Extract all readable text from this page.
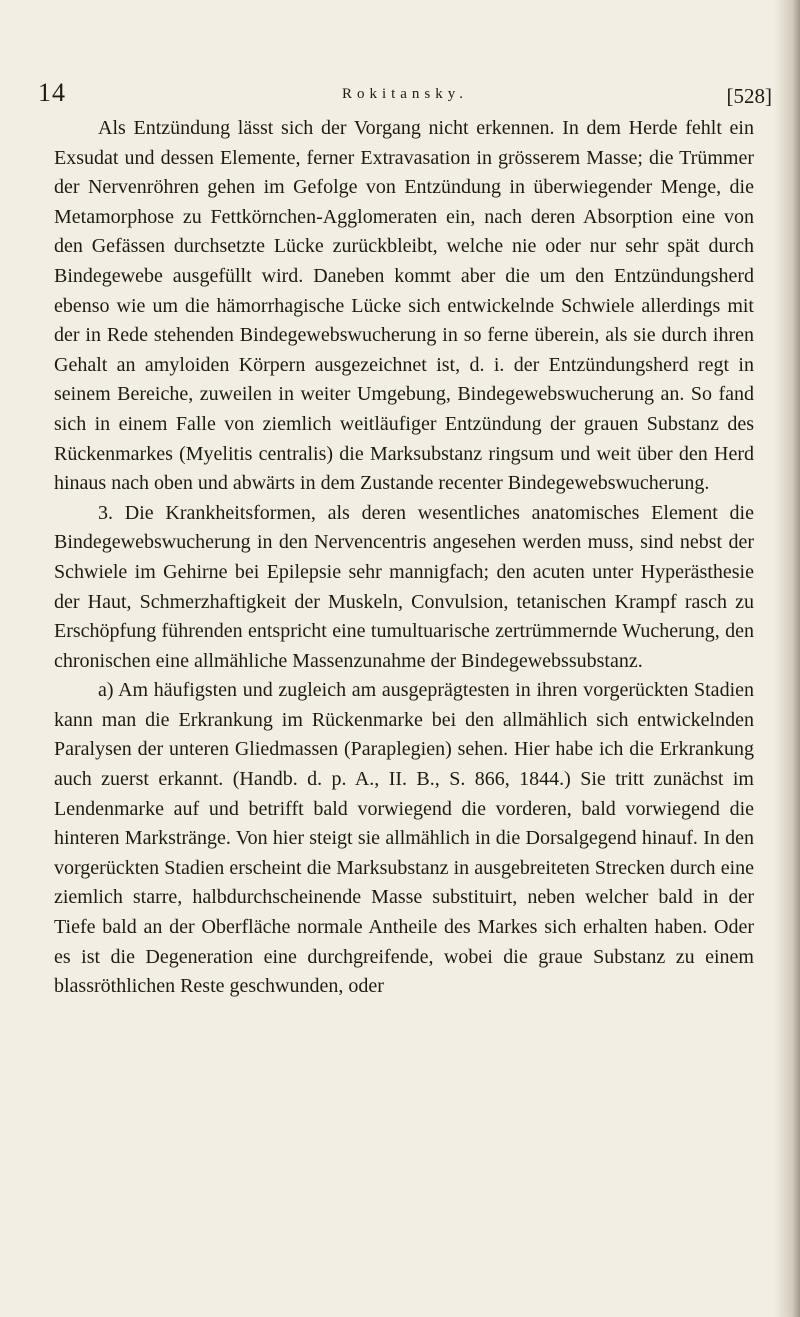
14	Rokitansky.	[528]

Als Entzündung lässt sich der Vorgang nicht erkennen. In dem Herde fehlt ein Exsudat und dessen Elemente, ferner Extravasation in grösserem Masse; die Trümmer der Nervenröhren gehen im Gefolge von Entzündung in überwiegender Menge, die Metamorphose zu Fettkörnchen-Agglomeraten ein, nach deren Absorption eine von den Gefässen durchsetzte Lücke zurückbleibt, welche nie oder nur sehr spät durch Bindegewebe ausgefüllt wird. Daneben kommt aber die um den Entzündungsherd ebenso wie um die hämorrhagische Lücke sich entwickelnde Schwiele allerdings mit der in Rede stehenden Bindegewebswucherung in so ferne überein, als sie durch ihren Gehalt an amyloiden Körpern ausgezeichnet ist, d. i. der Entzündungsherd regt in seinem Bereiche, zuweilen in weiter Umgebung, Bindegewebswucherung an. So fand sich in einem Falle von ziemlich weitläufiger Entzündung der grauen Substanz des Rückenmarkes (Myelitis centralis) die Marksubstanz ringsum und weit über den Herd hinaus nach oben und abwärts in dem Zustande recenter Bindegewebswucherung.

3. Die Krankheitsformen, als deren wesentliches anatomisches Element die Bindegewebswucherung in den Nervencentris angesehen werden muss, sind nebst der Schwiele im Gehirne bei Epilepsie sehr mannigfach; den acuten unter Hyperästhesie der Haut, Schmerzhaftigkeit der Muskeln, Convulsion, tetanischen Krampf rasch zu Erschöpfung führenden entspricht eine tumultuarische zertrümmernde Wucherung, den chronischen eine allmähliche Massenzunahme der Bindegewebssubstanz.

a) Am häufigsten und zugleich am ausgeprägtesten in ihren vorgerückten Stadien kann man die Erkrankung im Rückenmarke bei den allmählich sich entwickelnden Paralysen der unteren Gliedmassen (Paraplegien) sehen. Hier habe ich die Erkrankung auch zuerst erkannt. (Handb. d. p. A., II. B., S. 866, 1844.) Sie tritt zunächst im Lendenmarke auf und betrifft bald vorwiegend die vorderen, bald vorwiegend die hinteren Markstränge. Von hier steigt sie allmählich in die Dorsalgegend hinauf. In den vorgerückten Stadien erscheint die Marksubstanz in ausgebreiteten Strecken durch eine ziemlich starre, halbdurchscheinende Masse substituirt, neben welcher bald in der Tiefe bald an der Oberfläche normale Antheile des Markes sich erhalten haben. Oder es ist die Degeneration eine durchgreifende, wobei die graue Substanz zu einem blassröthlichen Reste geschwunden, oder
